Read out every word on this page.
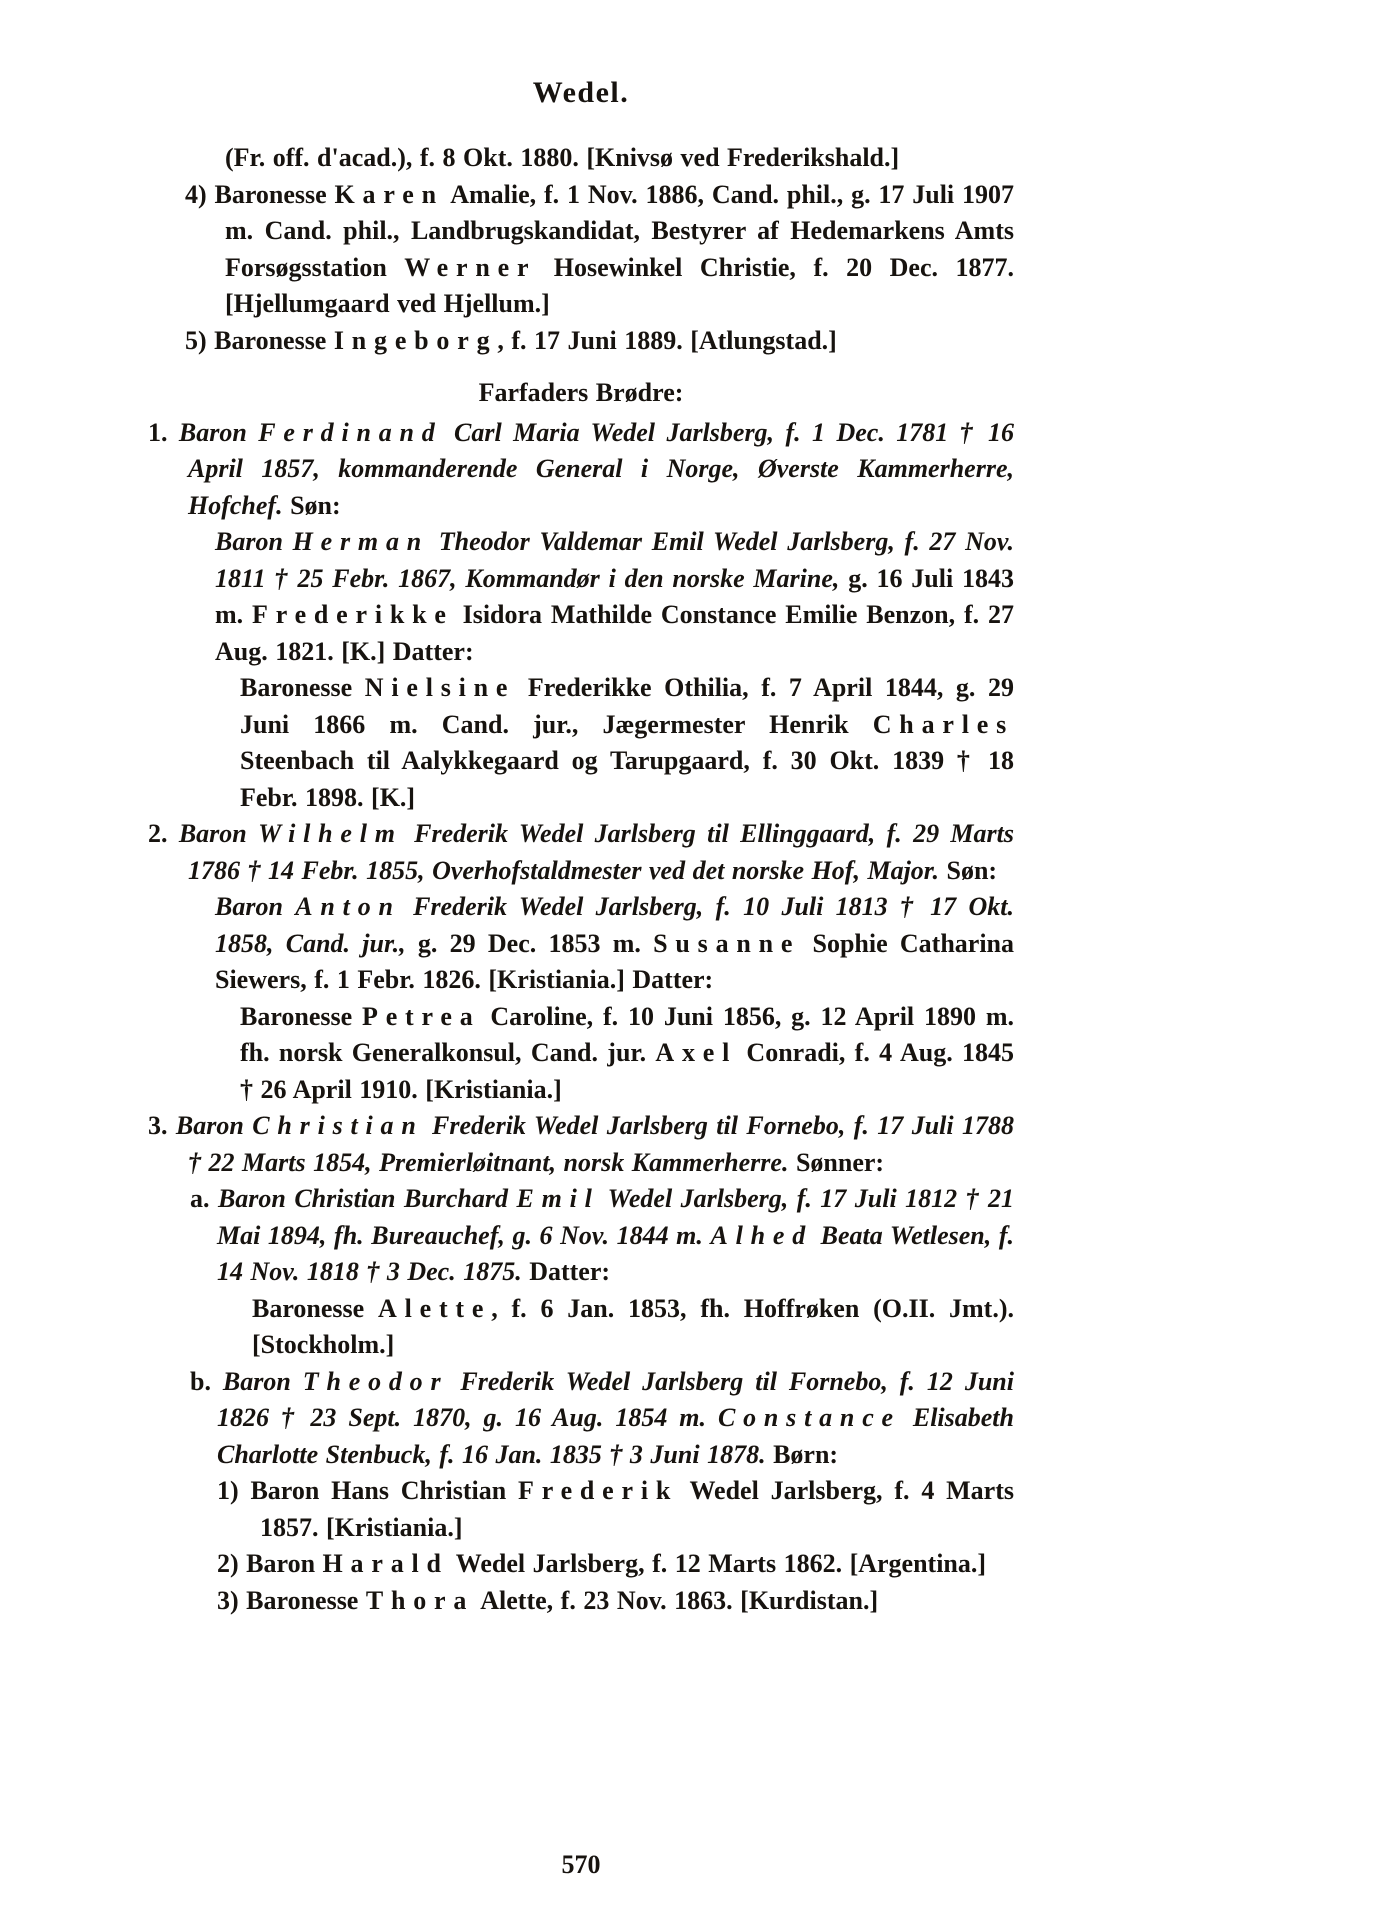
Wedel.
(Fr. off. d'acad.), f. 8 Okt. 1880. [Knivsø ved Frederikshald.]
4) Baronesse Karen Amalie, f. 1 Nov. 1886, Cand. phil., g. 17 Juli 1907 m. Cand. phil., Landbrugskandidat, Bestyrer af Hedemarkens Amts Forsøgsstation Werner Hosewinkel Christie, f. 20 Dec. 1877. [Hjellumgaard ved Hjellum.]
5) Baronesse Ingeborg, f. 17 Juni 1889. [Atlungstad.]
Farfaders Brødre:
1. Baron Ferdinand Carl Maria Wedel Jarlsberg, f. 1 Dec. 1781 † 16 April 1857, kommanderende General i Norge, Øverste Kammerherre, Hofchef. Søn:
Baron Herman Theodor Valdemar Emil Wedel Jarlsberg, f. 27 Nov. 1811 † 25 Febr. 1867, Kommandør i den norske Marine, g. 16 Juli 1843 m. Frederikke Isidora Mathilde Constance Emilie Benzon, f. 27 Aug. 1821. [K.] Datter:
Baronesse Nielsine Frederikke Othilia, f. 7 April 1844, g. 29 Juni 1866 m. Cand. jur., Jægermester Henrik Charles Steenbach til Aalykkegaard og Tarupgaard, f. 30 Okt. 1839 † 18 Febr. 1898. [K.]
2. Baron Wilhelm Frederik Wedel Jarlsberg til Ellinggaard, f. 29 Marts 1786 † 14 Febr. 1855, Overhofstaldmester ved det norske Hof, Major. Søn:
Baron Anton Frederik Wedel Jarlsberg, f. 10 Juli 1813 † 17 Okt. 1858, Cand. jur., g. 29 Dec. 1853 m. Susanne Sophie Catharina Siewers, f. 1 Febr. 1826. [Kristiania.] Datter:
Baronesse Petrea Caroline, f. 10 Juni 1856, g. 12 April 1890 m. fh. norsk Generalkonsul, Cand. jur. Axel Conradi, f. 4 Aug. 1845 † 26 April 1910. [Kristiania.]
3. Baron Christian Frederik Wedel Jarlsberg til Fornebo, f. 17 Juli 1788 † 22 Marts 1854, Premierløitnant, norsk Kammerherre. Sønner:
a. Baron Christian Burchard Emil Wedel Jarlsberg, f. 17 Juli 1812 † 21 Mai 1894, fh. Bureauchef, g. 6 Nov. 1844 m. Alhed Beata Wetlesen, f. 14 Nov. 1818 † 3 Dec. 1875. Datter:
Baronesse Alette, f. 6 Jan. 1853, fh. Hoffrøken (O.II. Jmt.). [Stockholm.]
b. Baron Theodor Frederik Wedel Jarlsberg til Fornebo, f. 12 Juni 1826 † 23 Sept. 1870, g. 16 Aug. 1854 m. Constance Elisabeth Charlotte Stenbuck, f. 16 Jan. 1835 † 3 Juni 1878. Børn:
1) Baron Hans Christian Frederik Wedel Jarlsberg, f. 4 Marts 1857. [Kristiania.]
2) Baron Harald Wedel Jarlsberg, f. 12 Marts 1862. [Argentina.]
3) Baronesse Thora Alette, f. 23 Nov. 1863. [Kurdistan.]
570
